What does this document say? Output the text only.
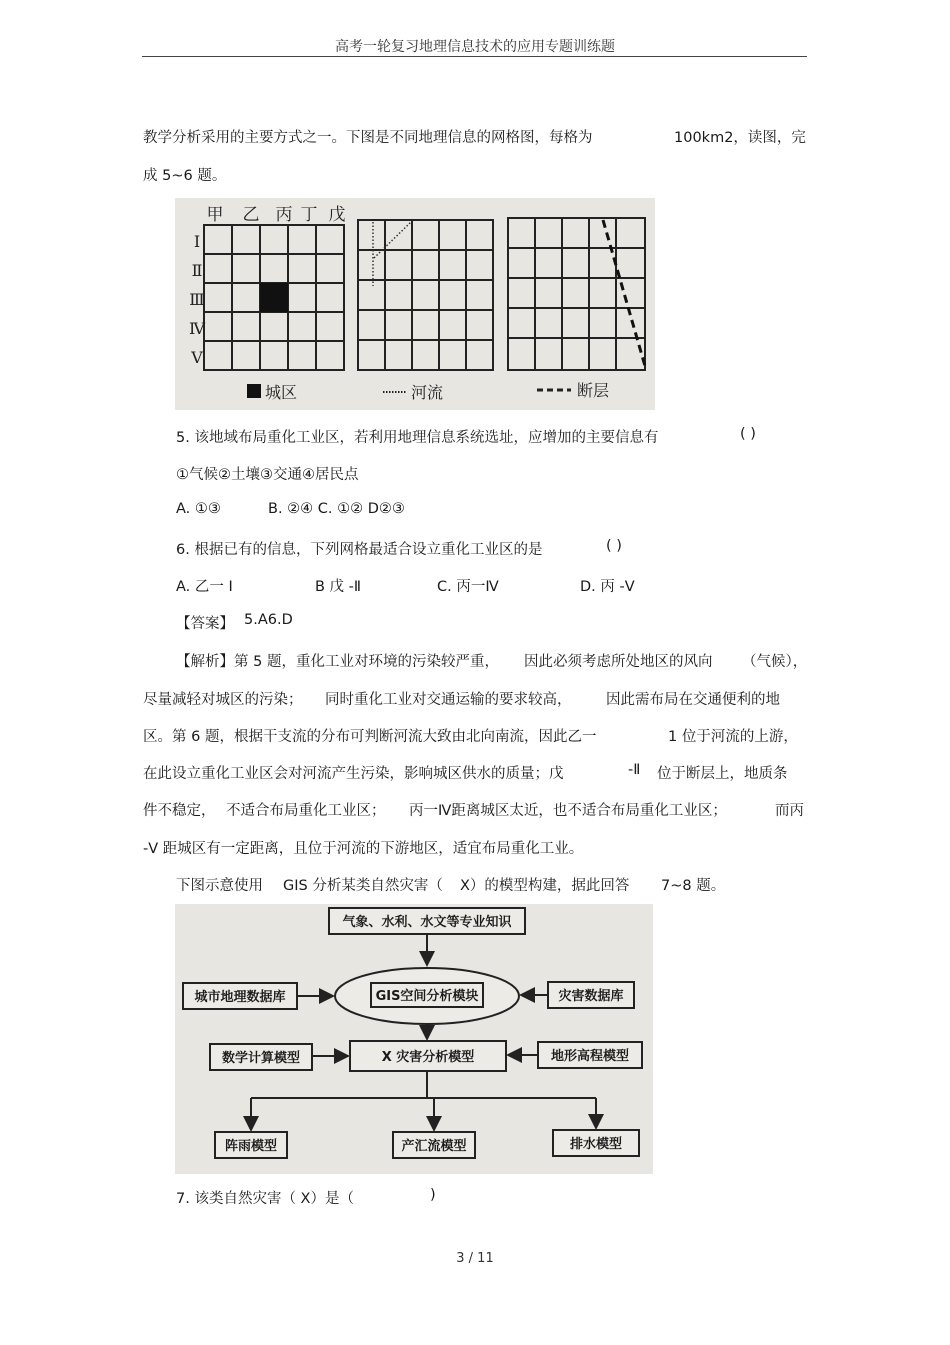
高考一轮复习地理信息技术的应用专题训练题
教学分析采用的主要方式之一。下图是不同地理信息的网格图，每格为	100km2，读图，完
成 5~6 题。
甲 乙 丙 丁 戊
Ⅰ
Ⅱ
Ⅲ
Ⅳ
Ⅴ
城区	河流	断层
5. 该地域布局重化工业区，若利用地理信息系统选址，应增加的主要信息有	( )
①气候②土壤③交通④居民点
A. ①③	B. ②④ C. ①② D②③
6. 根据已有的信息，下列网格最适合设立重化工业区的是	( )
A. 乙一 Ⅰ	B 戊 -Ⅱ	C. 丙一Ⅳ	D. 丙 -Ⅴ
【答案】 5.A6.D
【解析】第 5 题，重化工业对环境的污染较严重， 因此必须考虑所处地区的风向 （气候），
尽量减轻对城区的污染； 同时重化工业对交通运输的要求较高， 因此需布局在交通便利的地
区。第 6 题，根据干支流的分布可判断河流大致由北向南流，因此乙一	1 位于河流的上游，
在此设立重化工业区会对河流产生污染，影响城区供水的质量；戊	-Ⅱ 位于断层上，地质条
件不稳定， 不适合布局重化工业区； 丙一Ⅳ距离城区太近，也不适合布局重化工业区；	而丙
-Ⅴ 距城区有一定距离，且位于河流的下游地区，适宜布局重化工业。
下图示意使用 GIS 分析某类自然灾害（ X）的模型构建，据此回答 7~8 题。
气象、水利、水文等专业知识
城市地理数据库	GIS空间分析模块	灾害数据库
数学计算模型	X 灾害分析模型	地形高程模型
阵雨模型	产汇流模型	排水模型
7. 该类自然灾害（ X）是（	)
3 / 11
